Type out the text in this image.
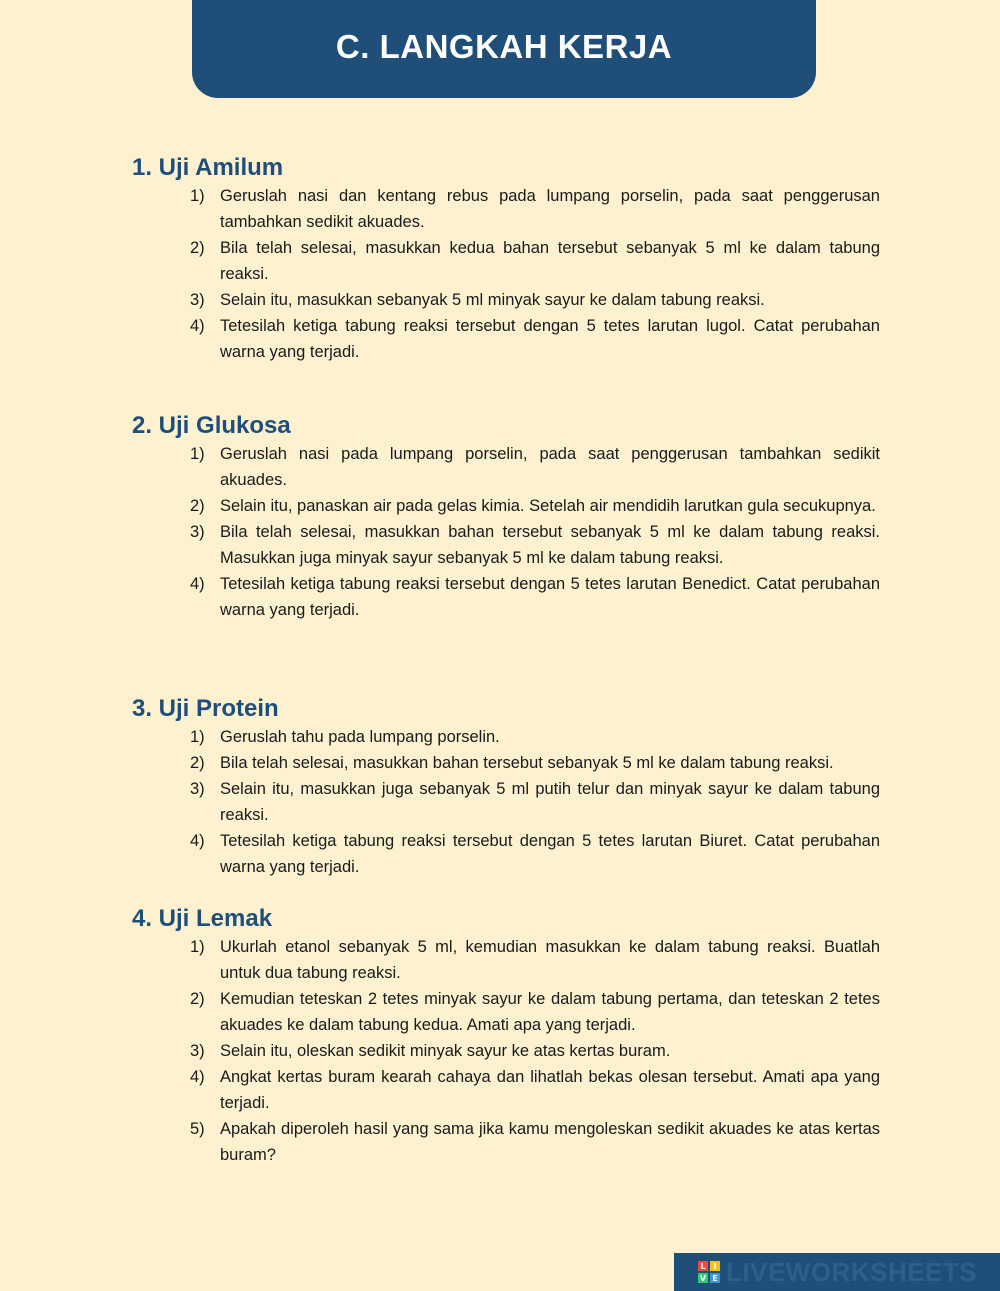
C. LANGKAH KERJA
1. Uji Amilum
1) Geruslah nasi dan kentang rebus pada lumpang porselin, pada saat penggerusan tambahkan sedikit akuades.
2) Bila telah selesai, masukkan kedua bahan tersebut sebanyak 5 ml ke dalam tabung reaksi.
3) Selain itu, masukkan sebanyak 5 ml minyak sayur ke dalam tabung reaksi.
4) Tetesilah ketiga tabung reaksi tersebut dengan 5 tetes larutan lugol. Catat perubahan warna yang terjadi.
2. Uji Glukosa
1) Geruslah nasi pada lumpang porselin, pada saat penggerusan tambahkan sedikit akuades.
2) Selain itu, panaskan air pada gelas kimia. Setelah air mendidih larutkan gula secukupnya.
3) Bila telah selesai, masukkan bahan tersebut sebanyak 5 ml ke dalam tabung reaksi. Masukkan juga minyak sayur sebanyak 5 ml ke dalam tabung reaksi.
4) Tetesilah ketiga tabung reaksi tersebut dengan 5 tetes larutan Benedict. Catat perubahan warna yang terjadi.
3. Uji Protein
1) Geruslah tahu pada lumpang porselin.
2) Bila telah selesai, masukkan bahan tersebut sebanyak 5 ml ke dalam tabung reaksi.
3) Selain itu, masukkan juga sebanyak 5 ml putih telur dan minyak sayur ke dalam tabung reaksi.
4) Tetesilah ketiga tabung reaksi tersebut dengan 5 tetes larutan Biuret. Catat perubahan warna yang terjadi.
4. Uji Lemak
1) Ukurlah etanol sebanyak 5 ml, kemudian masukkan ke dalam tabung reaksi. Buatlah untuk dua tabung reaksi.
2) Kemudian teteskan 2 tetes minyak sayur ke dalam tabung pertama, dan teteskan 2 tetes akuades ke dalam tabung kedua. Amati apa yang terjadi.
3) Selain itu, oleskan sedikit minyak sayur ke atas kertas buram.
4) Angkat kertas buram kearah cahaya dan lihatlah bekas olesan tersebut. Amati apa yang terjadi.
5) Apakah diperoleh hasil yang sama jika kamu mengoleskan sedikit akuades ke atas kertas buram?
L I
V E LIVEWORKSHEETS
